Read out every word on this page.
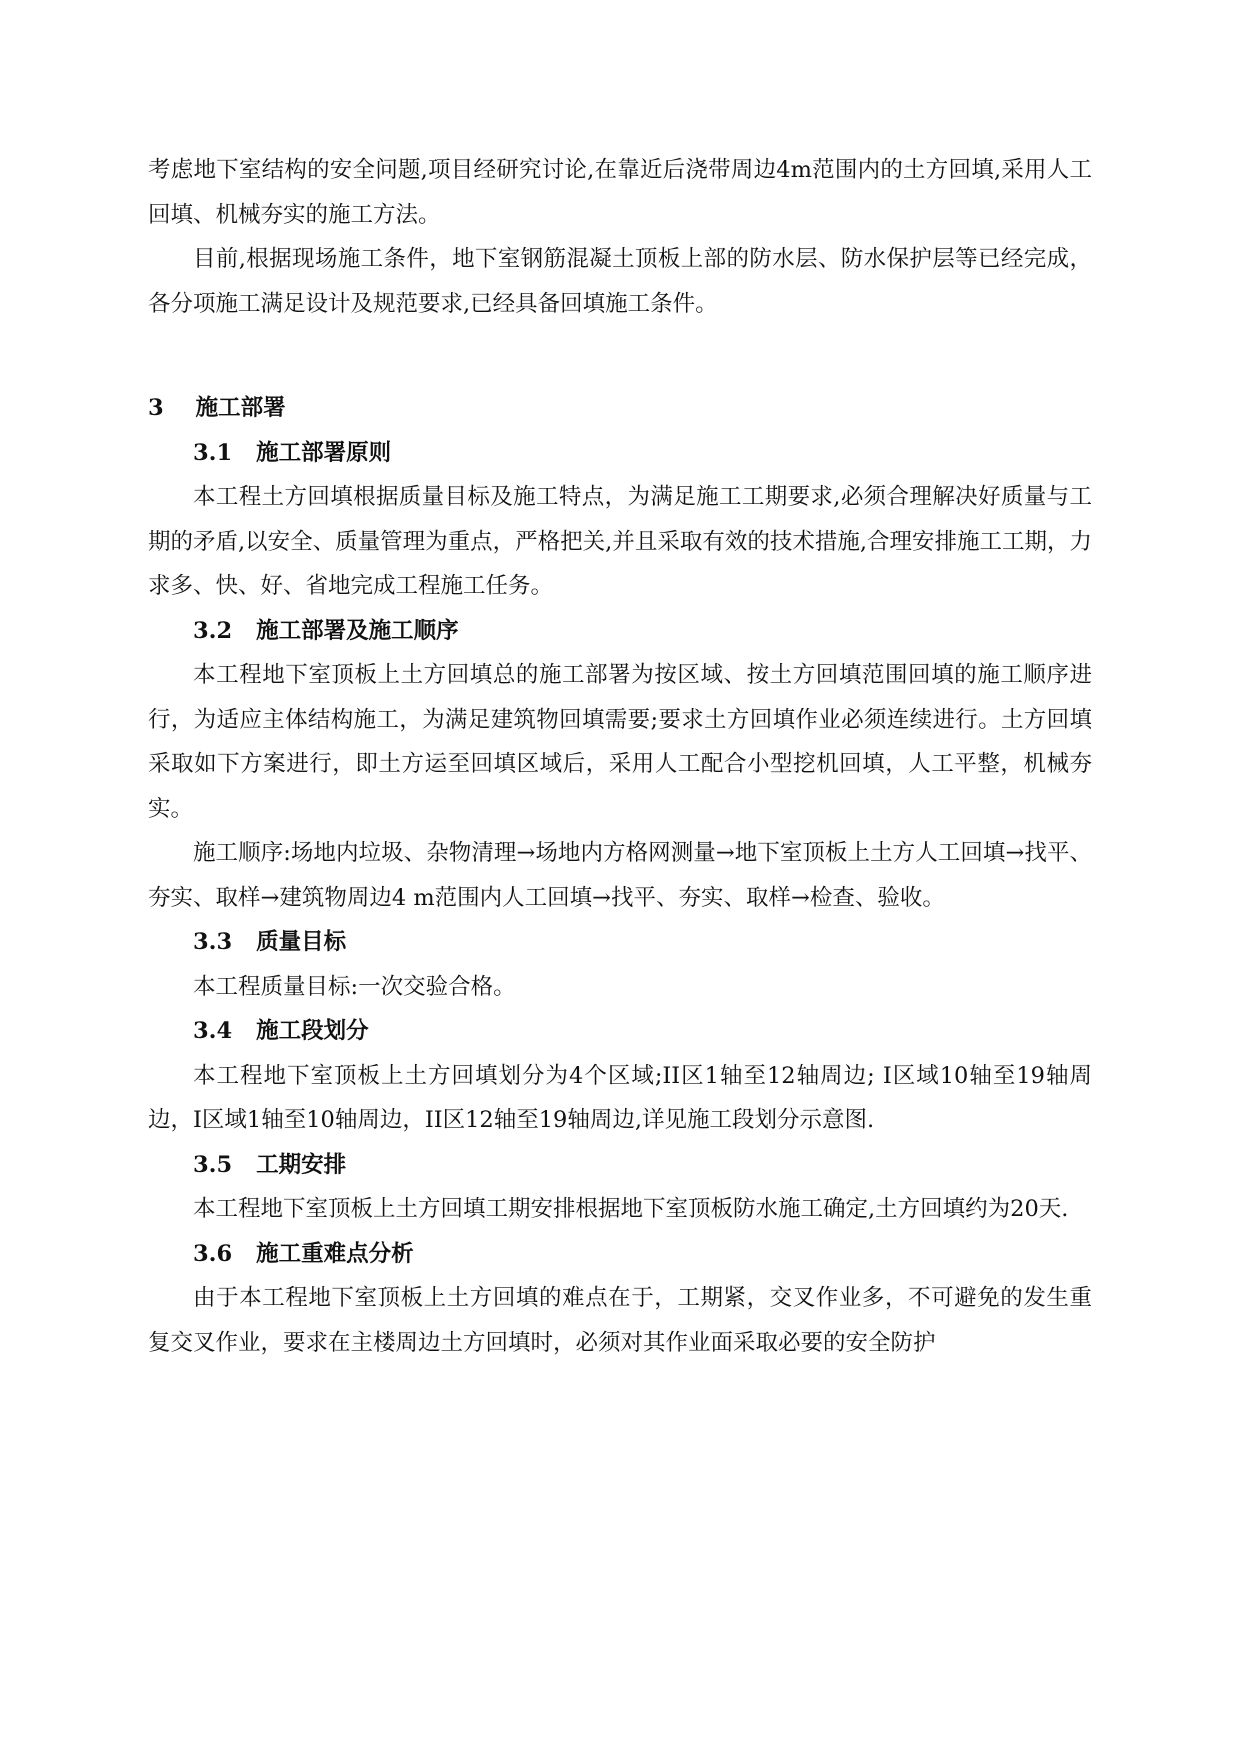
考虑地下室结构的安全问题,项目经研究讨论,在靠近后浇带周边4m范围内的土方回填,采用人工回填、机械夯实的施工方法。

目前,根据现场施工条件，地下室钢筋混凝土顶板上部的防水层、防水保护层等已经完成，各分项施工满足设计及规范要求,已经具备回填施工条件。

3 施工部署
3.1 施工部署原则

本工程土方回填根据质量目标及施工特点，为满足施工工期要求,必须合理解决好质量与工期的矛盾,以安全、质量管理为重点，严格把关,并且采取有效的技术措施,合理安排施工工期，力求多、快、好、省地完成工程施工任务。

3.2 施工部署及施工顺序

本工程地下室顶板上土方回填总的施工部署为按区域、按土方回填范围回填的施工顺序进行，为适应主体结构施工，为满足建筑物回填需要;要求土方回填作业必须连续进行。土方回填采取如下方案进行，即土方运至回填区域后，采用人工配合小型挖机回填，人工平整，机械夯实。

施工顺序:场地内垃圾、杂物清理→场地内方格网测量→地下室顶板上土方人工回填→找平、夯实、取样→建筑物周边4 m范围内人工回填→找平、夯实、取样→检查、验收。

3.3 质量目标

本工程质量目标:一次交验合格。

3.4 施工段划分

本工程地下室顶板上土方回填划分为4个区域;II区1轴至12轴周边; I区域10轴至19轴周边，I区域1轴至10轴周边，II区12轴至19轴周边,详见施工段划分示意图.

3.5 工期安排

本工程地下室顶板上土方回填工期安排根据地下室顶板防水施工确定,土方回填约为20天.

3.6 施工重难点分析

由于本工程地下室顶板上土方回填的难点在于，工期紧，交叉作业多，不可避免的发生重复交叉作业，要求在主楼周边土方回填时，必须对其作业面采取必要的安全防护
